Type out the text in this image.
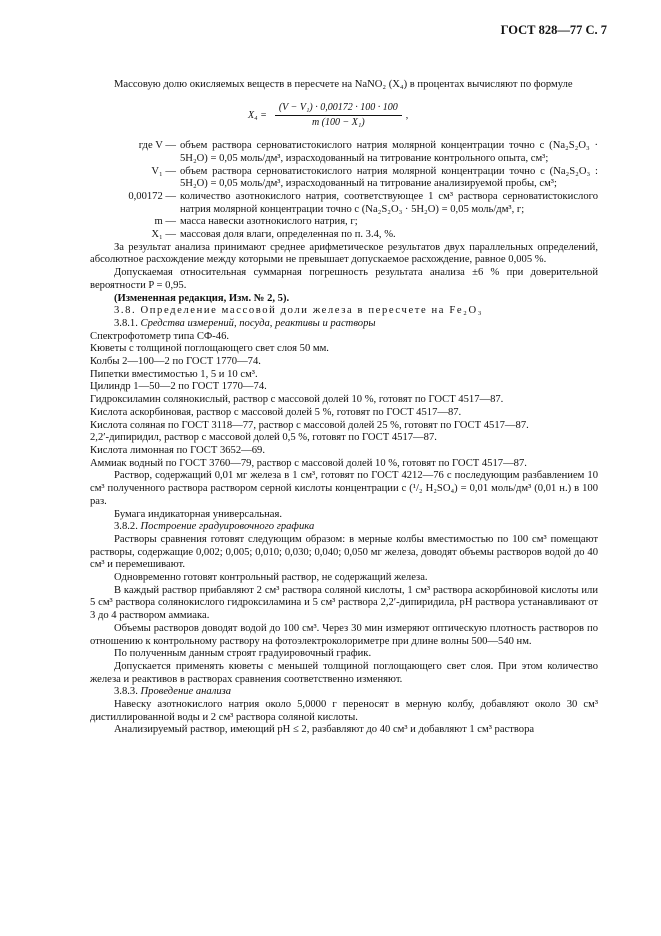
ГОСТ 828—77 С. 7

Массовую долю окисляемых веществ в пересчете на NaNO₂ (X₄) в процентах вычисляют по формуле

$X_4 = \frac{\text{(V − V₁) · 0,00172 · 100 · 100}}{\text{m (100 − X₁)}}$ ,
где V — объем раствора серноватистокислого натрия молярной концентрации точно c (Na₂S₂O₃ · 5H₂O) = 0,05 моль/дм³, израсходованный на титрование контрольного опыта, см³;
V₁ — объем раствора серноватистокислого натрия молярной концентрации точно c (Na₂S₂O₃ : 5H₂O) = 0,05 моль/дм³, израсходованный на титрование анализируемой пробы, см³;
0,00172 — количество азотнокислого натрия, соответствующее 1 см³ раствора серноватистокислого натрия молярной концентрации точно c (Na₂S₂O₃ · 5H₂O) = 0,05 моль/дм³, г;
m — масса навески азотнокислого натрия, г;
X₁ — массовая доля влаги, определенная по п. 3.4, %.

За результат анализа принимают среднее арифметическое результатов двух параллельных определений, абсолютное расхождение между которыми не превышает допускаемое расхождение, равное 0,005 %.

Допускаемая относительная суммарная погрешность результата анализа ±6 % при доверительной вероятности P = 0,95.

(Измененная редакция, Изм. № 2, 5).

3.8. Определение массовой доли железа в пересчете на Fe₂O₃

3.8.1. Средства измерений, посуда, реактивы и растворы

Спектрофотометр типа СФ-46.

Кюветы с толщиной поглощающего свет слоя 50 мм.

Колбы 2—100—2 по ГОСТ 1770—74.

Пипетки вместимостью 1, 5 и 10 см³.

Цилиндр 1—50—2 по ГОСТ 1770—74.

Гидроксиламин солянокислый, раствор с массовой долей 10 %, готовят по ГОСТ 4517—87.

Кислота аскорбиновая, раствор с массовой долей 5 %, готовят по ГОСТ 4517—87.

Кислота соляная по ГОСТ 3118—77, раствор с массовой долей 25 %, готовят по ГОСТ 4517—87.

2,2′-дипиридил, раствор с массовой долей 0,5 %, готовят по ГОСТ 4517—87.

Кислота лимонная по ГОСТ 3652—69.

Аммиак водный по ГОСТ 3760—79, раствор с массовой долей 10 %, готовят по ГОСТ 4517—87.

Раствор, содержащий 0,01 мг железа в 1 см³, готовят по ГОСТ 4212—76 с последующим разбавлением 10 см³ полученного раствора раствором серной кислоты концентрации c (¹/₂ H₂SO₄) = 0,01 моль/дм³ (0,01 н.) в 100 раз.

Бумага индикаторная универсальная.

3.8.2. Построение градуировочного графика

Растворы сравнения готовят следующим образом: в мерные колбы вместимостью по 100 см³ помещают растворы, содержащие 0,002; 0,005; 0,010; 0,030; 0,040; 0,050 мг железа, доводят объемы растворов водой до 40 см³ и перемешивают.

Одновременно готовят контрольный раствор, не содержащий железа.

В каждый раствор прибавляют 2 см³ раствора соляной кислоты, 1 см³ раствора аскорбиновой кислоты или 5 см³ раствора солянокислого гидроксиламина и 5 см³ раствора 2,2′-дипиридила, pH раствора устанавливают от 3 до 4 раствором аммиака.

Объемы растворов доводят водой до 100 см³. Через 30 мин измеряют оптическую плотность растворов по отношению к контрольному раствору на фотоэлектроколориметре при длине волны 500—540 нм.

По полученным данным строят градуировочный график.

Допускается применять кюветы с меньшей толщиной поглощающего свет слоя. При этом количество железа и реактивов в растворах сравнения соответственно изменяют.

3.8.3. Проведение анализа

Навеску азотнокислого натрия около 5,0000 г переносят в мерную колбу, добавляют около 30 см³ дистиллированной воды и 2 см³ раствора соляной кислоты.

Анализируемый раствор, имеющий pH ≤ 2, разбавляют до 40 см³ и добавляют 1 см³ раствора
